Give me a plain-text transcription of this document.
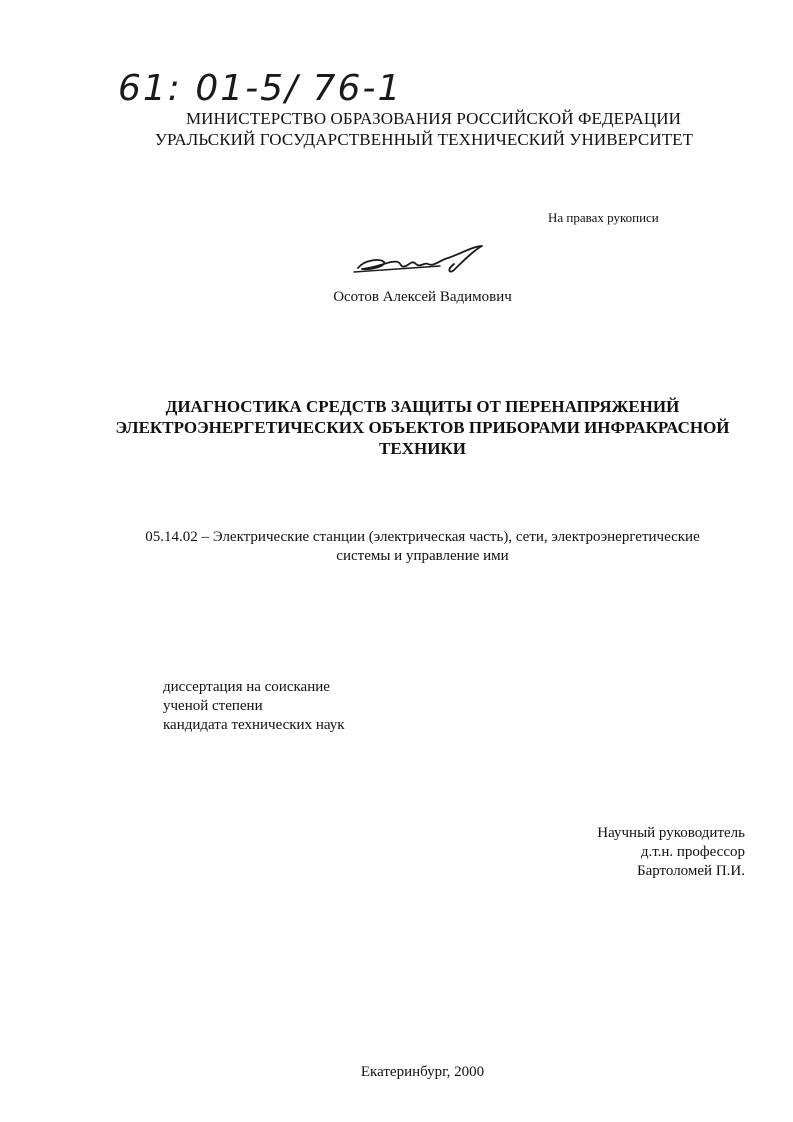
61: 01-5/ 76-1
МИНИСТЕРСТВО ОБРАЗОВАНИЯ РОССИЙСКОЙ ФЕДЕРАЦИИ
УРАЛЬСКИЙ ГОСУДАРСТВЕННЫЙ ТЕХНИЧЕСКИЙ УНИВЕРСИТЕТ
На правах рукописи
Осотов Алексей Вадимович
ДИАГНОСТИКА СРЕДСТВ ЗАЩИТЫ ОТ ПЕРЕНАПРЯЖЕНИЙ
ЭЛЕКТРОЭНЕРГЕТИЧЕСКИХ ОБЪЕКТОВ ПРИБОРАМИ ИНФРАКРАСНОЙ
ТЕХНИКИ
05.14.02 – Электрические станции (электрическая часть), сети, электроэнергетические
системы и управление ими
диссертация на соискание
ученой степени
кандидата технических наук
Научный руководитель
д.т.н. профессор
Бартоломей П.И.
Екатеринбург, 2000
